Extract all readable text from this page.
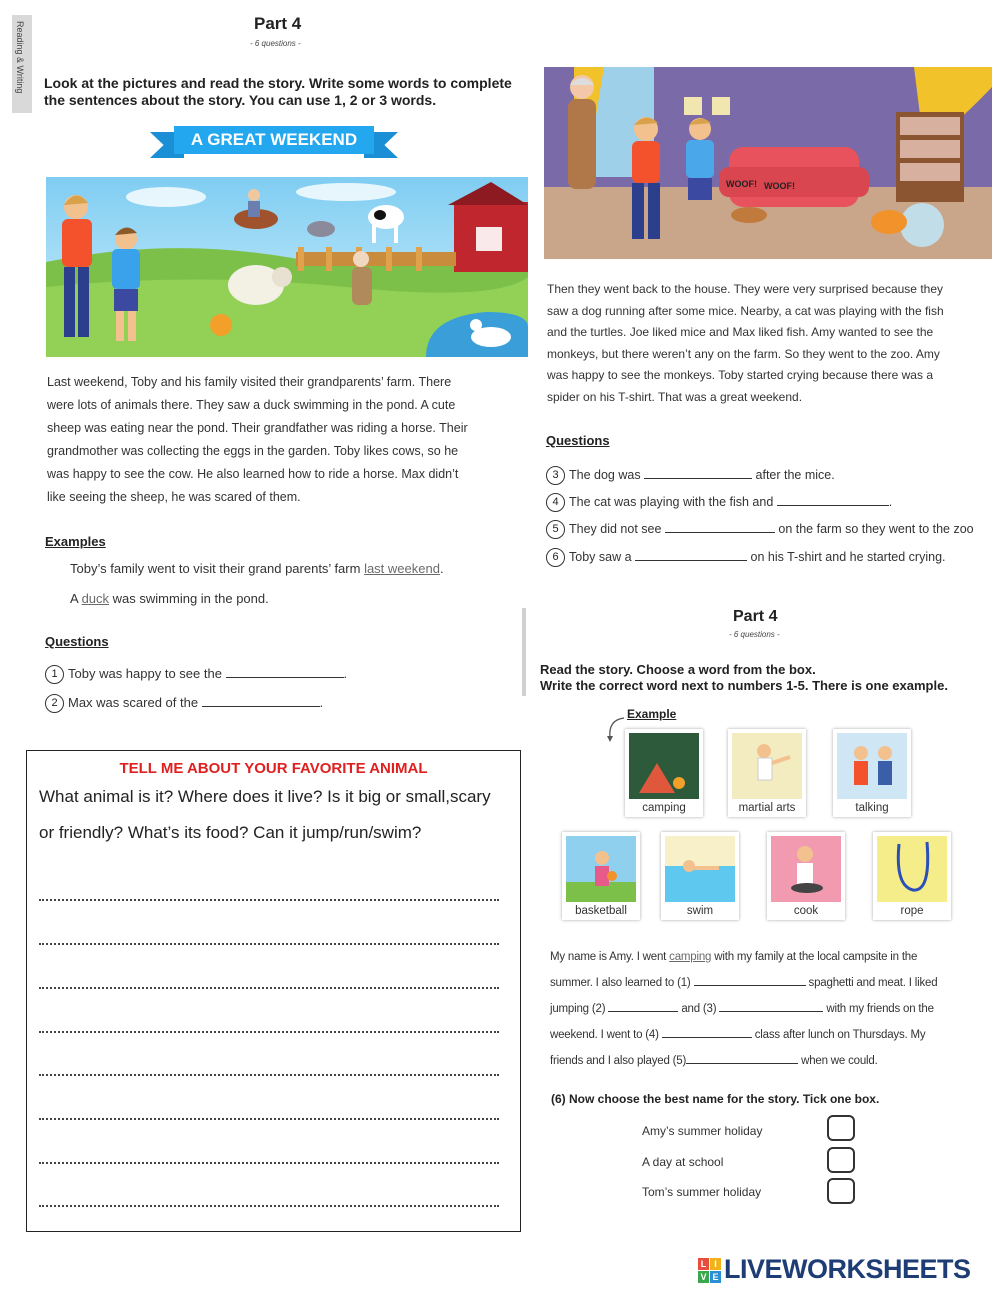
Reading & Writing	Part 4
- 6 questions -
Look at the pictures and read the story. Write some words to complete
the sentences about the story. You can use 1, 2 or 3 words.
A GREAT WEEKEND
Last weekend, Toby and his family visited their grandparents’ farm. There
were lots of animals there. They saw a duck swimming in the pond. A cute
sheep was eating near the pond. Their grandfather was riding a horse. Their
grandmother was collecting the eggs in the garden. Toby likes cows, so he
was happy to see the cow. He also learned how to ride a horse. Max didn’t
like seeing the sheep, he was scared of them.
Examples
Toby’s family went to visit their grand parents’ farm last weekend.
A duck was swimming in the pond.
Questions
1 Toby was happy to see the	.
2 Max was scared of the	.
WOOF! WOOF!
Then they went back to the house. They were very surprised because they
saw a dog running after some mice. Nearby, a cat was playing with the fish
and the turtles. Joe liked mice and Max liked fish. Amy wanted to see the
monkeys, but there weren’t any on the farm. So they went to the zoo. Amy
was happy to see the monkeys. Toby started crying because there was a
spider on his T-shirt. That was a great weekend.
Questions
3 The dog was	after the mice.
4 The cat was playing with the fish and	.
5 They did not see	on the farm so they went to the zoo
6 Toby saw a	on his T-shirt and he started crying.
TELL ME ABOUT YOUR FAVORITE ANIMAL
What animal is it? Where does it live? Is it big or small,scary or friendly? What’s its food? Can it jump/run/swim?
Part 4
- 6 questions -
Read the story. Choose a word from the box.
Write the correct word next to numbers 1-5. There is one example.
Example
camping	martial arts	talking
basketball	swim	cook	rope
My name is Amy. I went camping with my family at the local campsite in the
summer. I also learned to (1)	spaghetti and meat. I liked
jumping (2)	and (3)	with my friends on the
weekend. I went to (4)	class after lunch on Thursdays. My
friends and I also played (5)	when we could.
(6) Now choose the best name for the story. Tick one box.
Amy’s summer holiday
A day at school
Tom’s summer holiday
L I
V E LIVEWORKSHEETS
